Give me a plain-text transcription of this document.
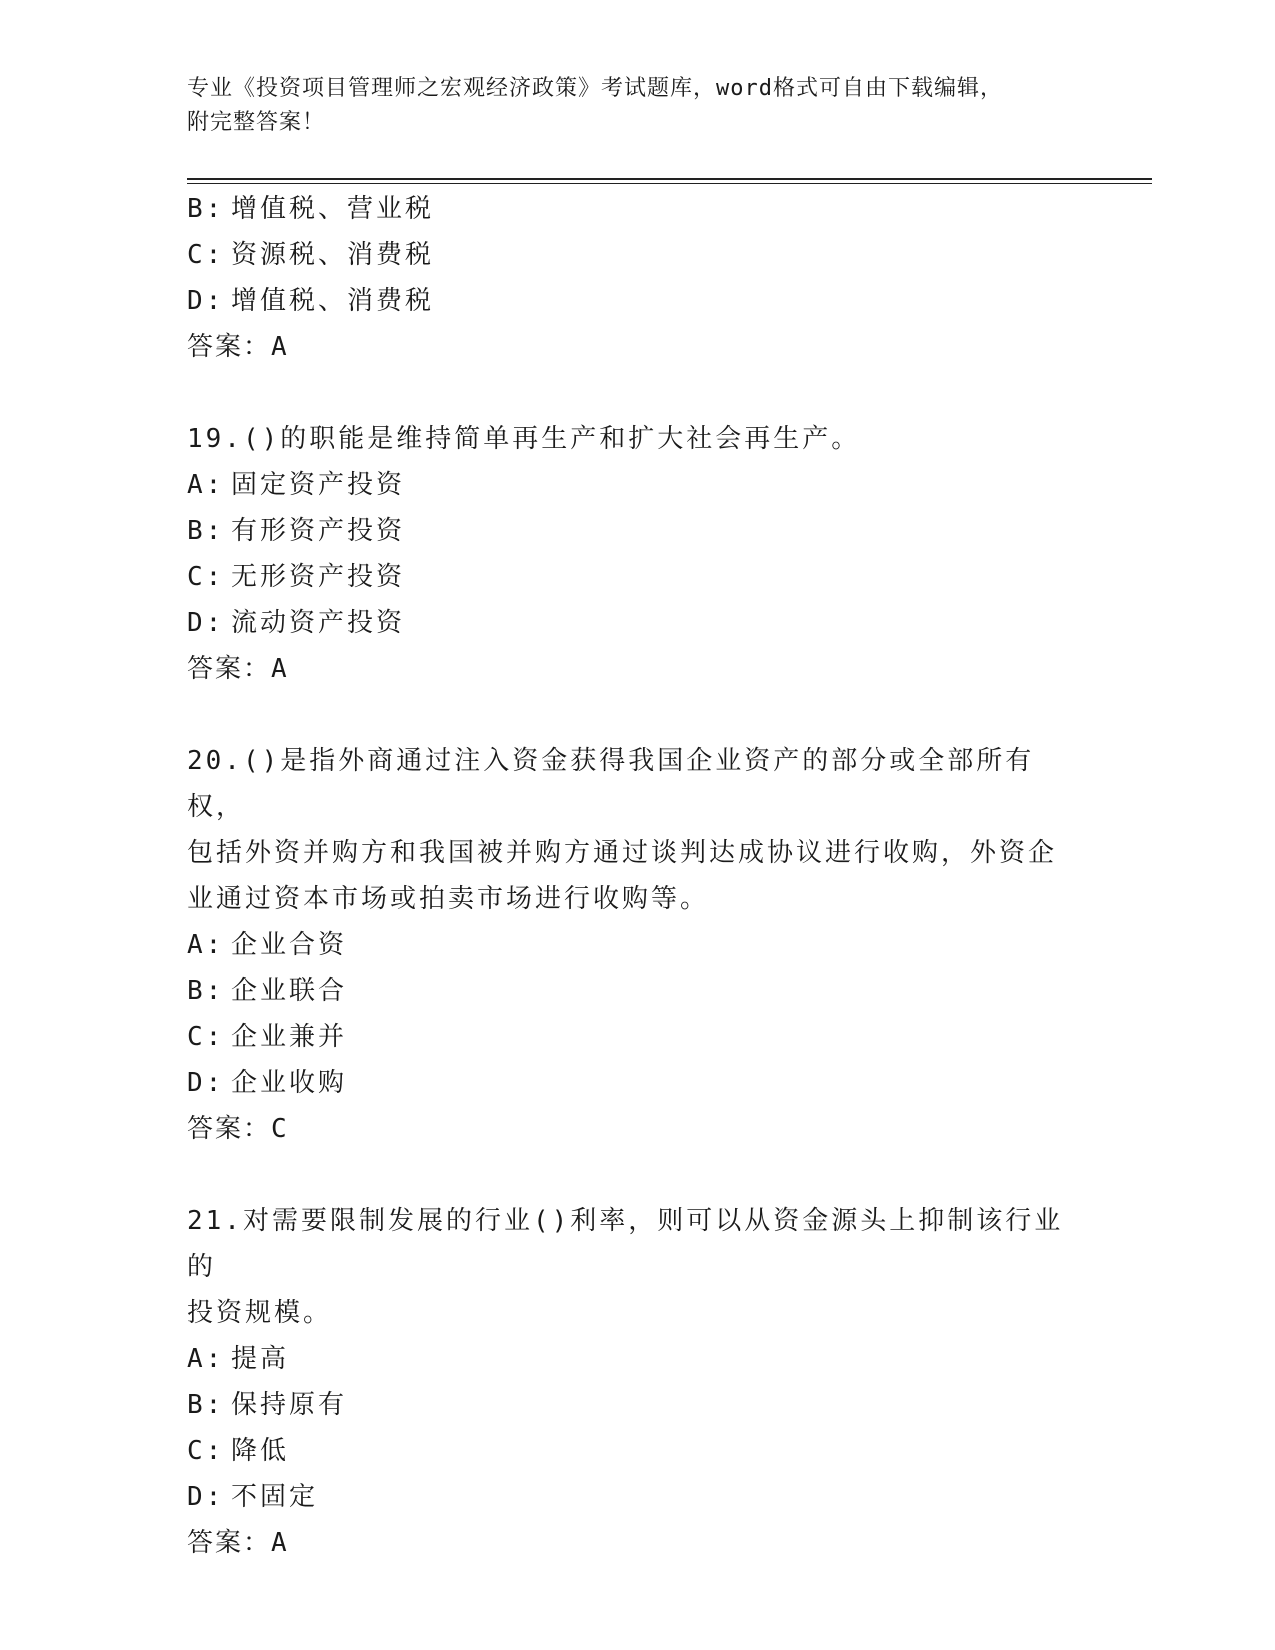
专业《投资项目管理师之宏观经济政策》考试题库，word格式可自由下载编辑，
附完整答案！
B: 增值税、营业税
C: 资源税、消费税
D: 增值税、消费税
答案：A
19.()的职能是维持简单再生产和扩大社会再生产。
A: 固定资产投资
B: 有形资产投资
C: 无形资产投资
D: 流动资产投资
答案：A
20.()是指外商通过注入资金获得我国企业资产的部分或全部所有权，
包括外资并购方和我国被并购方通过谈判达成协议进行收购，外资企
业通过资本市场或拍卖市场进行收购等。
A: 企业合资
B: 企业联合
C: 企业兼并
D: 企业收购
答案：C
21.对需要限制发展的行业()利率，则可以从资金源头上抑制该行业的
投资规模。
A: 提高
B: 保持原有
C: 降低
D: 不固定
答案：A
